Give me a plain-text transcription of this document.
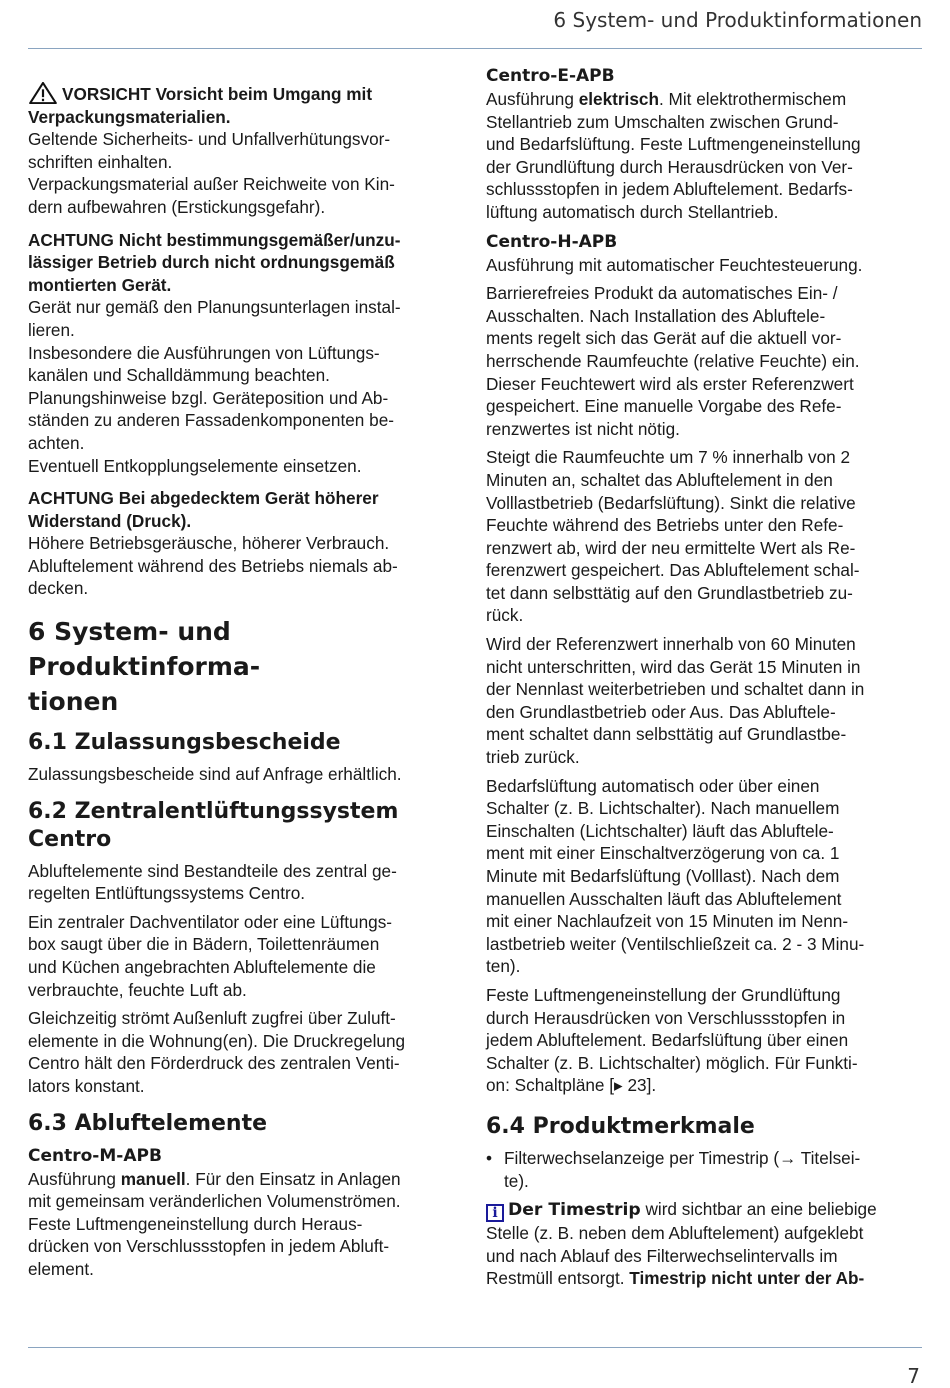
6 System- und Produktinformationen

VORSICHT Vorsicht beim Umgang mit
Verpackungsmaterialien.

Geltende Sicherheits- und Unfallverhütungsvor-
schriften einhalten.
Verpackungsmaterial außer Reichweite von Kin-
dern aufbewahren (Erstickungsgefahr).

ACHTUNG Nicht bestimmungsgemäßer/unzu-
lässiger Betrieb durch nicht ordnungsgemäß
montierten Gerät.

Gerät nur gemäß den Planungsunterlagen instal-
lieren.
Insbesondere die Ausführungen von Lüftungs-
kanälen und Schalldämmung beachten.
Planungshinweise bzgl. Geräteposition und Ab-
ständen zu anderen Fassadenkomponenten be-
achten.
Eventuell Entkopplungselemente einsetzen.

ACHTUNG Bei abgedecktem Gerät höherer
Widerstand (Druck).

Höhere Betriebsgeräusche, höherer Verbrauch.
Abluftelement während des Betriebs niemals ab-
decken.

6 System- und Produktinforma-
tionen
6.1 Zulassungsbescheide

Zulassungsbescheide sind auf Anfrage erhältlich.

6.2 Zentralentlüftungssystem Centro

Abluftelemente sind Bestandteile des zentral ge-
regelten Entlüftungssystems Centro.

Ein zentraler Dachventilator oder eine Lüftungs-
box saugt über die in Bädern, Toilettenräumen
und Küchen angebrachten Abluftelemente die
verbrauchte, feuchte Luft ab.

Gleichzeitig strömt Außenluft zugfrei über Zuluft-
elemente in die Wohnung(en). Die Druckregelung
Centro hält den Förderdruck des zentralen Venti-
lators konstant.

6.3 Abluftelemente
Centro-M-APB

Ausführung manuell. Für den Einsatz in Anlagen
mit gemeinsam veränderlichen Volumenströmen.
Feste Luftmengeneinstellung durch Heraus-
drücken von Verschlussstopfen in jedem Abluft-
element.

Centro-E-APB

Ausführung elektrisch. Mit elektrothermischem
Stellantrieb zum Umschalten zwischen Grund-
und Bedarfslüftung. Feste Luftmengeneinstellung
der Grundlüftung durch Herausdrücken von Ver-
schlussstopfen in jedem Abluftelement. Bedarfs-
lüftung automatisch durch Stellantrieb.

Centro-H-APB

Ausführung mit automatischer Feuchtesteuerung.

Barrierefreies Produkt da automatisches Ein- /
Ausschalten. Nach Installation des Abluftele-
ments regelt sich das Gerät auf die aktuell vor-
herrschende Raumfeuchte (relative Feuchte) ein.
Dieser Feuchtewert wird als erster Referenzwert
gespeichert. Eine manuelle Vorgabe des Refe-
renzwertes ist nicht nötig.

Steigt die Raumfeuchte um 7 % innerhalb von 2
Minuten an, schaltet das Abluftelement in den
Volllastbetrieb (Bedarfslüftung). Sinkt die relative
Feuchte während des Betriebs unter den Refe-
renzwert ab, wird der neu ermittelte Wert als Re-
ferenzwert gespeichert. Das Abluftelement schal-
tet dann selbsttätig auf den Grundlastbetrieb zu-
rück.

Wird der Referenzwert innerhalb von 60 Minuten
nicht unterschritten, wird das Gerät 15 Minuten in
der Nennlast weiterbetrieben und schaltet dann in
den Grundlastbetrieb oder Aus. Das Abluftele-
ment schaltet dann selbsttätig auf Grundlastbe-
trieb zurück.

Bedarfslüftung automatisch oder über einen
Schalter (z. B. Lichtschalter). Nach manuellem
Einschalten (Lichtschalter) läuft das Abluftele-
ment mit einer Einschaltverzögerung von ca. 1
Minute mit Bedarfslüftung (Volllast). Nach dem
manuellen Ausschalten läuft das Abluftelement
mit einer Nachlaufzeit von 15 Minuten im Nenn-
lastbetrieb weiter (Ventilschließzeit ca. 2 - 3 Minu-
ten).

Feste Luftmengeneinstellung der Grundlüftung
durch Herausdrücken von Verschlussstopfen in
jedem Abluftelement. Bedarfslüftung über einen
Schalter (z. B. Lichtschalter) möglich. Für Funkti-
on: Schaltpläne [▸ 23].

6.4 Produktmerkmale
• Filterwechselanzeige per Timestrip (→ Titelsei-
te).

i Der Timestrip wird sichtbar an eine beliebige
Stelle (z. B. neben dem Abluftelement) aufgeklebt
und nach Ablauf des Filterwechselintervalls im
Restmüll entsorgt. Timestrip nicht unter der Ab-

7
